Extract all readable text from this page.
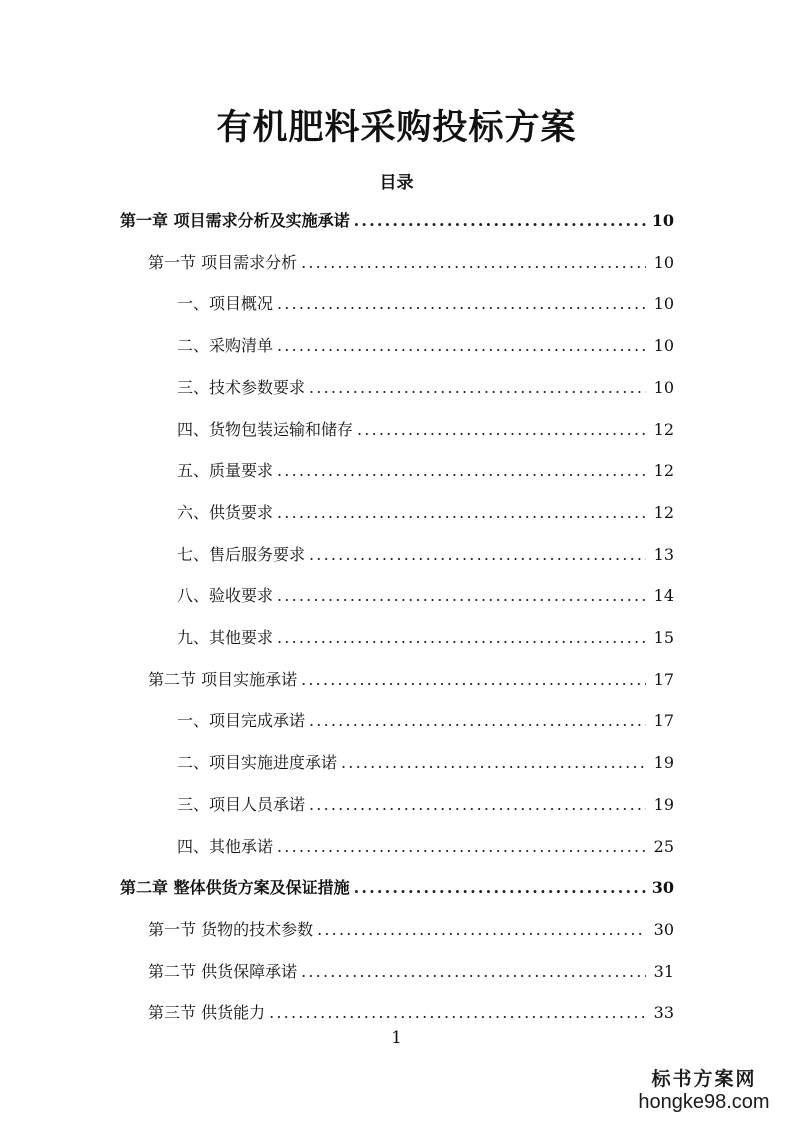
有机肥料采购投标方案
目录
第一章 项目需求分析及实施承诺 .....	10
第一节 项目需求分析 .....	10
一、项目概况 .....	10
二、采购清单 .....	10
三、技术参数要求 .....	10
四、货物包装运输和储存 .....	12
五、质量要求 .....	12
六、供货要求 .....	12
七、售后服务要求 .....	13
八、验收要求 .....	14
九、其他要求 .....	15
第二节 项目实施承诺 .....	17
一、项目完成承诺 .....	17
二、项目实施进度承诺 .....	19
三、项目人员承诺 .....	19
四、其他承诺 .....	25
第二章 整体供货方案及保证措施 .....	30
第一节 货物的技术参数 .....	30
第二节 供货保障承诺 .....	31
第三节 供货能力 .....	33
1
标书方案网
hongke98.com
